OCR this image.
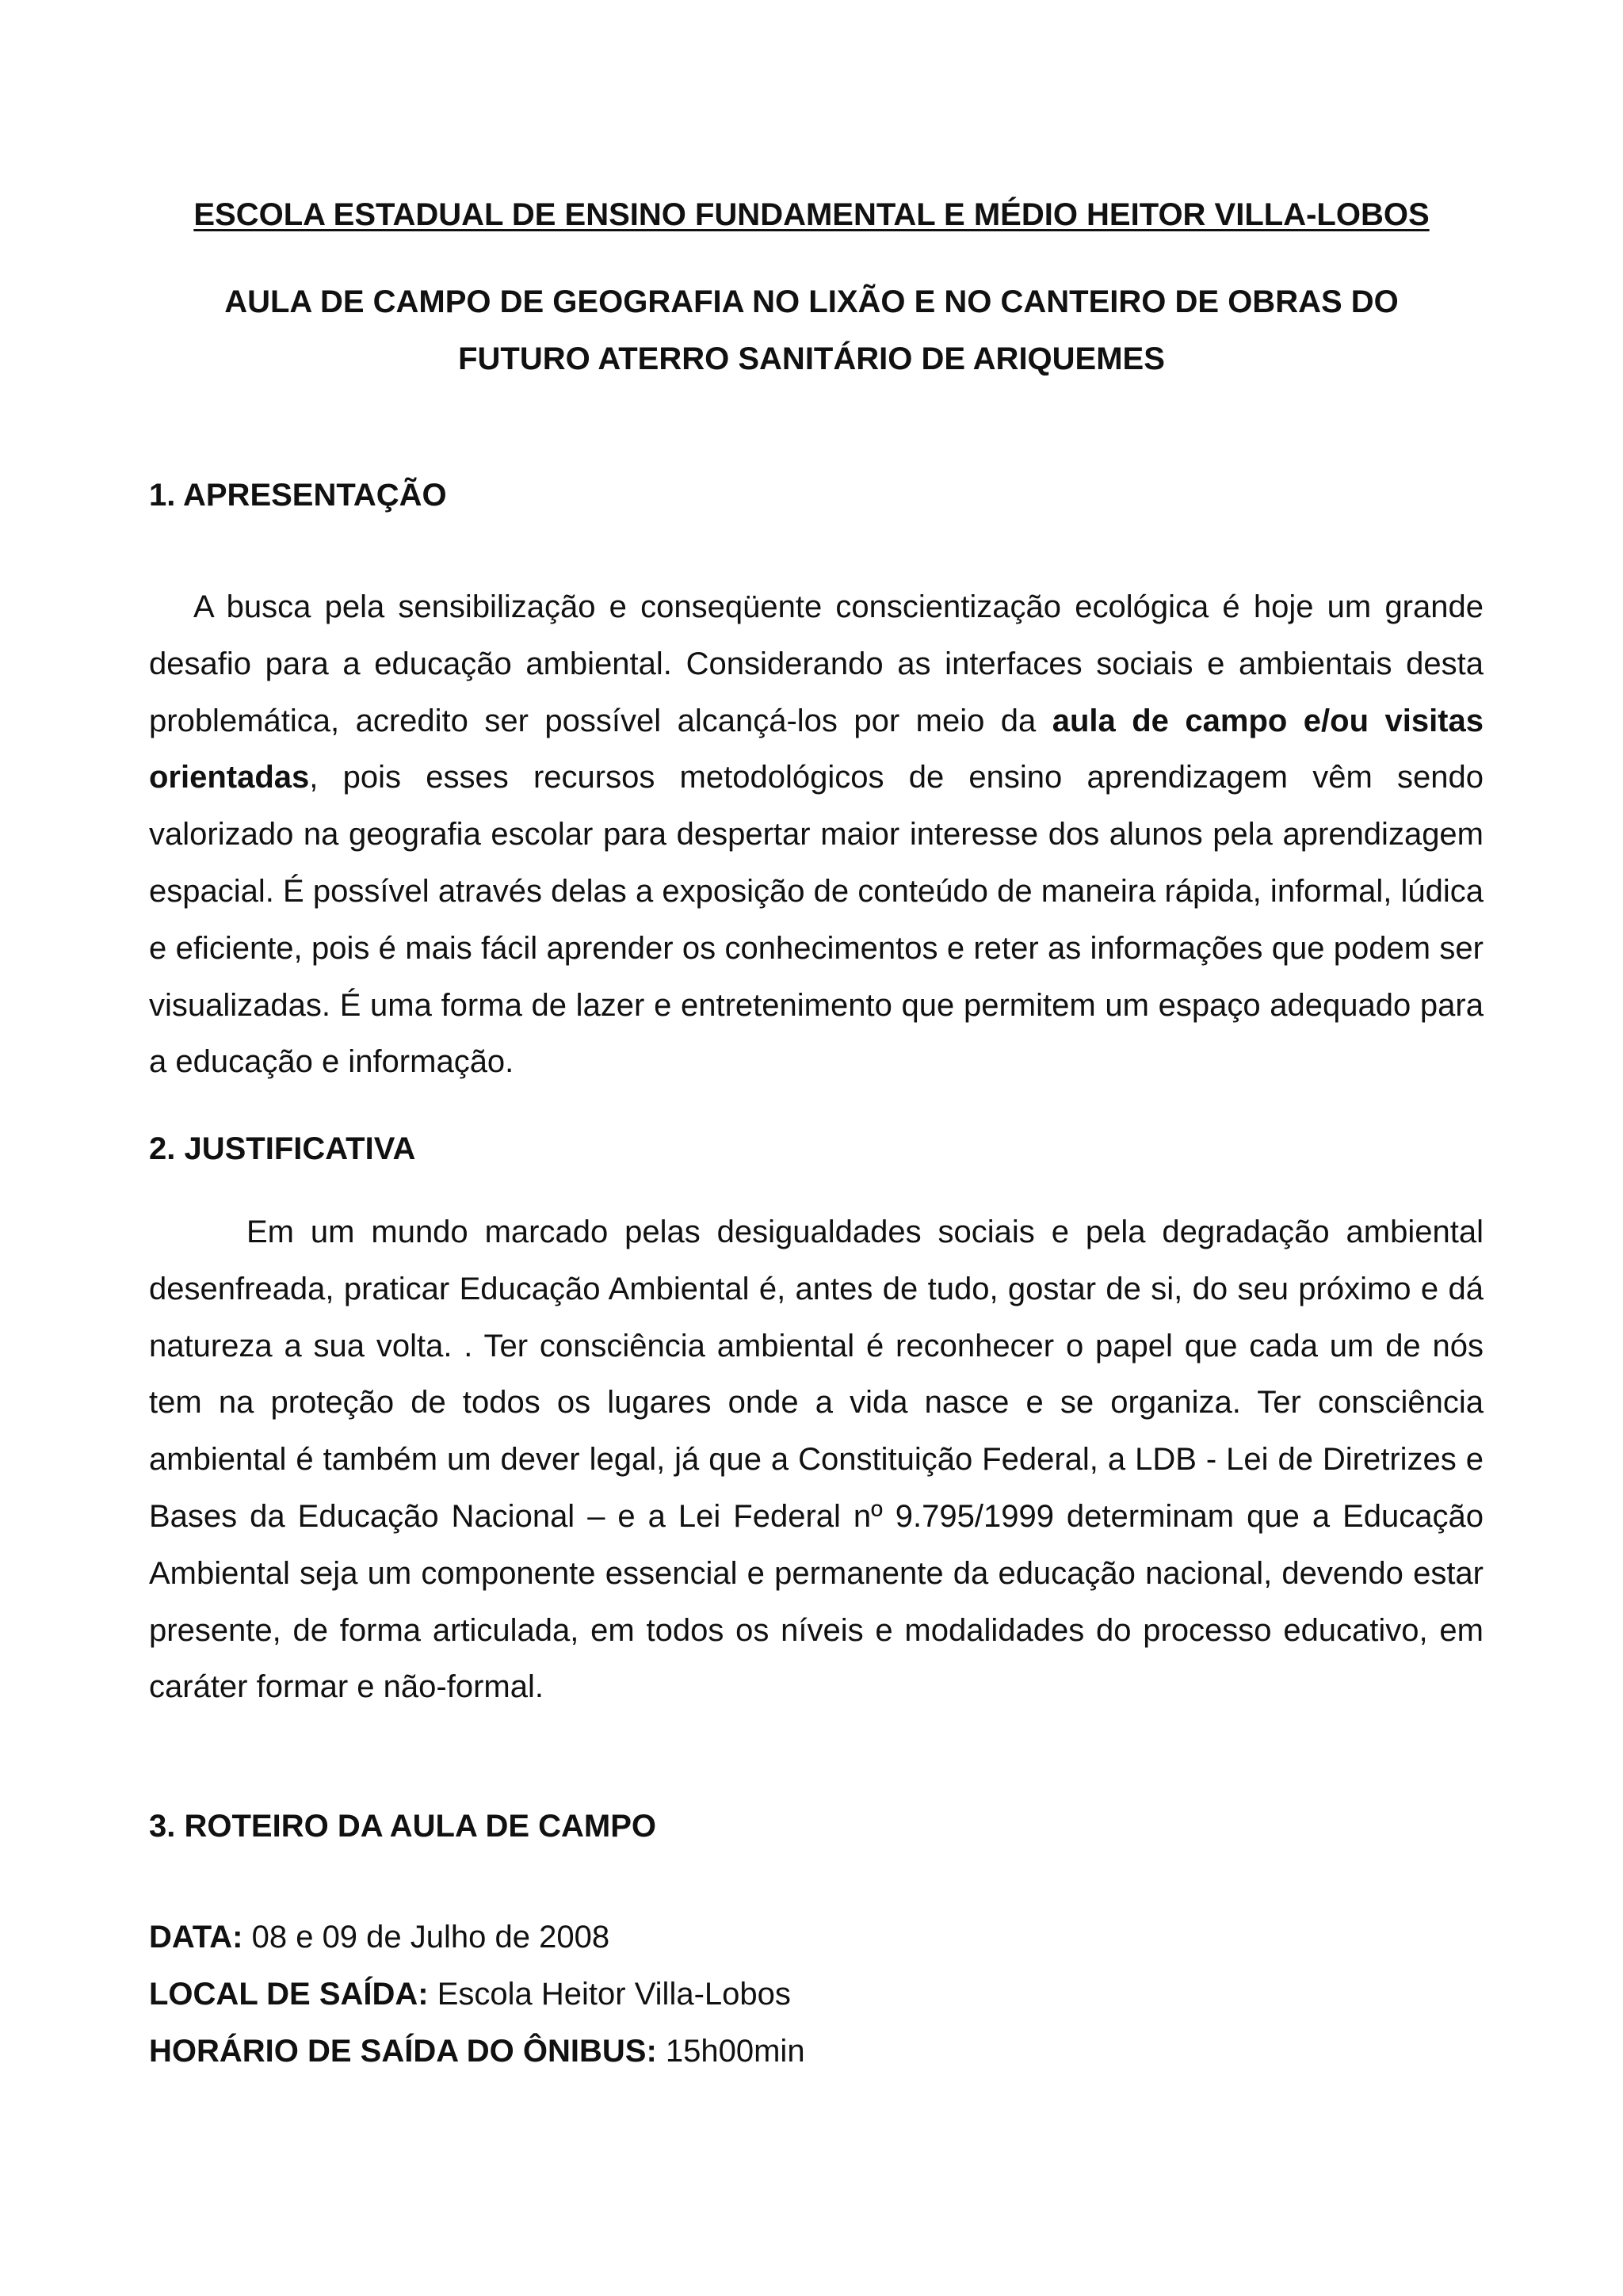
ESCOLA ESTADUAL DE ENSINO FUNDAMENTAL E MÉDIO HEITOR VILLA-LOBOS
AULA DE CAMPO DE GEOGRAFIA NO LIXÃO E NO CANTEIRO DE OBRAS DO
FUTURO ATERRO SANITÁRIO DE ARIQUEMES
1. APRESENTAÇÃO

A busca pela sensibilização e conseqüente conscientização ecológica é hoje um grande desafio para a educação ambiental. Considerando as interfaces sociais e ambientais desta problemática, acredito ser possível alcançá-los por meio da aula de campo e/ou visitas orientadas, pois esses recursos metodológicos de ensino aprendizagem vêm sendo valorizado na geografia escolar para despertar maior interesse dos alunos pela aprendizagem espacial. É possível através delas a exposição de conteúdo de maneira rápida, informal, lúdica e eficiente, pois é mais fácil aprender os conhecimentos e reter as informações que podem ser visualizadas. É uma forma de lazer e entretenimento que permitem um espaço adequado para a educação e informação.

2. JUSTIFICATIVA

Em um mundo marcado pelas desigualdades sociais e pela degradação ambiental desenfreada, praticar Educação Ambiental é, antes de tudo, gostar de si, do seu próximo e dá natureza a sua volta. . Ter consciência ambiental é reconhecer o papel que cada um de nós tem na proteção de todos os lugares onde a vida nasce e se organiza. Ter consciência ambiental é também um dever legal, já que a Constituição Federal, a LDB - Lei de Diretrizes e Bases da Educação Nacional – e a Lei Federal nº 9.795/1999 determinam que a Educação Ambiental seja um componente essencial e permanente da educação nacional, devendo estar presente, de forma articulada, em todos os níveis e modalidades do processo educativo, em caráter formar e não-formal.

3. ROTEIRO DA AULA DE CAMPO
DATA: 08 e 09 de Julho de 2008
LOCAL DE SAÍDA: Escola Heitor Villa-Lobos
HORÁRIO DE SAÍDA DO ÔNIBUS: 15h00min
